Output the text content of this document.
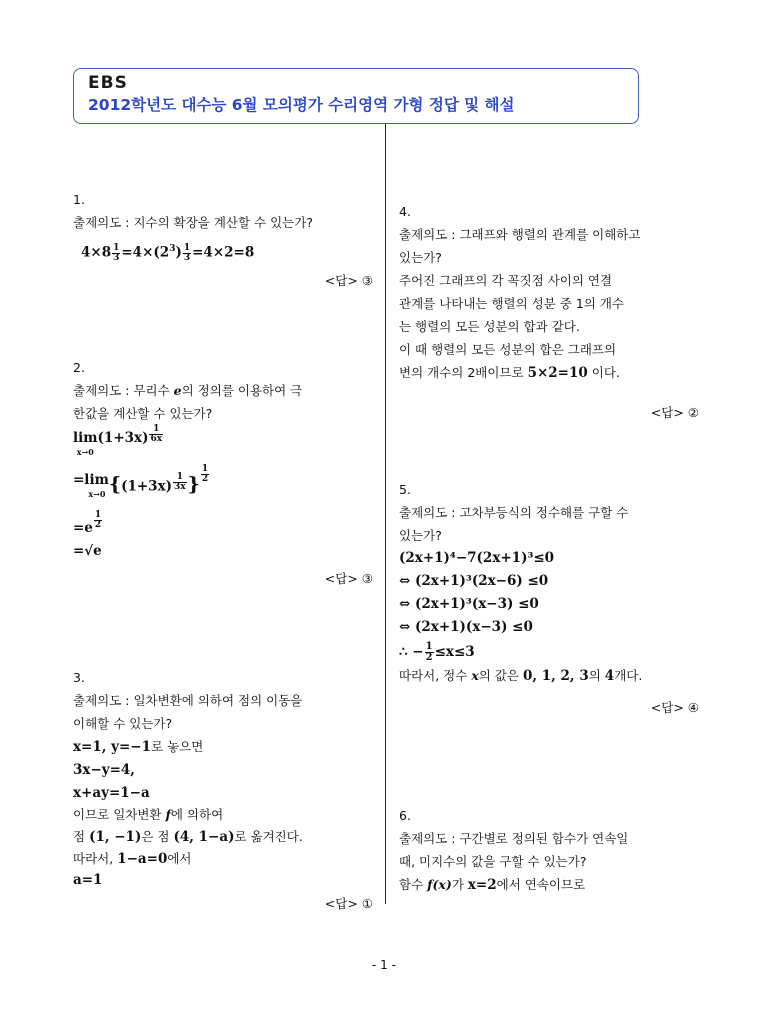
EBS
2012학년도 대수능 6월 모의평가 수리영역 가형 정답 및 해설
1.
출제의도 : 지수의 확장을 계산할 수 있는가?
$4\times 8 \frac{1}{3} =4\times(2^3) \frac{1}{3} =4\times 2=8$
<답> ③
2.
출제의도 : 무리수 e의 정의를 이용하여 극
한값을 계산할 수 있는가?
lim
x→0
$(1+3x) \frac{1}{6x}$
=lim
x→0 {$(1+3x) \frac{1}{3x}$ } $\frac{1}{2}$
$=e \frac{1}{2}$
=√e
<답> ③
3.
출제의도 : 일차변환에 의하여 점의 이동을
이해할 수 있는가?
x=1, y=−1로 놓으면
3x−y=4,
x+ay=1−a
이므로 일차변환 f에 의하여
점 (1, −1)은 점 (4, 1−a)로 옮겨진다.
따라서, 1−a=0에서
a=1
<답> ①
4.
출제의도 : 그래프와 행렬의 관계를 이해하고
있는가?
주어진 그래프의 각 꼭짓점 사이의 연결
관계를 나타내는 행렬의 성분 중 1의 개수
는 행렬의 모든 성분의 합과 같다.
이 때 행렬의 모든 성분의 합은 그래프의
변의 개수의 2배이므로 5×2=10 이다.
<답> ②
5.
출제의도 : 고차부등식의 정수해를 구할 수
있는가?
(2x+1)⁴−7(2x+1)³≤0
⇔ (2x+1)³(2x−6) ≤0
⇔ (2x+1)³(x−3) ≤0
⇔ (2x+1)(x−3) ≤0
∴ − $\frac{1}{2} \le x\le 3$
따라서, 정수 x의 값은 0, 1, 2, 3의 4개다.
<답> ④
6.
출제의도 : 구간별로 정의된 함수가 연속일
때, 미지수의 값을 구할 수 있는가?
함수 f(x)가 x=2에서 연속이므로
- 1 -
